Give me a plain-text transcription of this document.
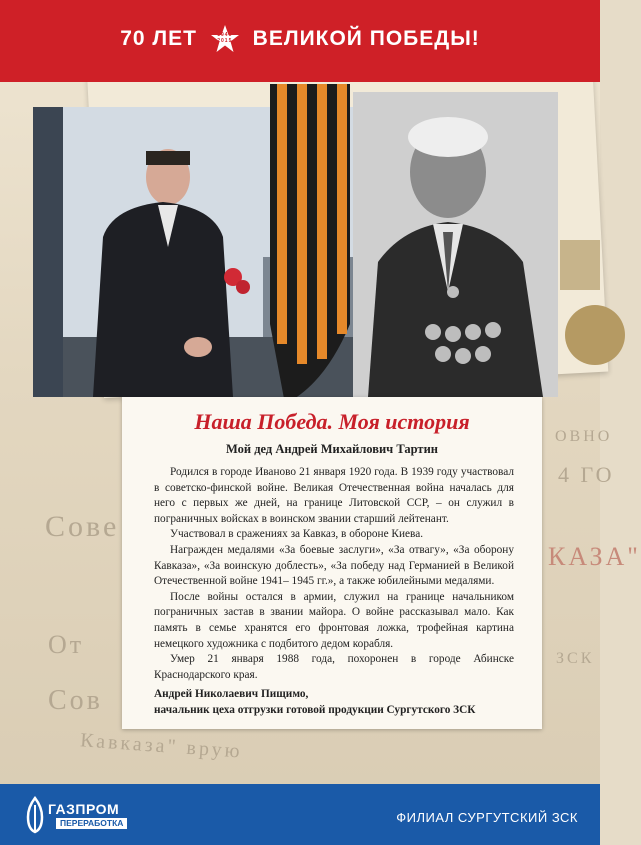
ОВНО
4 ГО
Сове
КАЗА"
ЗСК
От
Сов
Кавказа" врую
70 ЛЕТ	1945
2015 ВЕЛИКОЙ ПОБЕДЫ!
Наша Победа. Моя история
Мой дед Андрей Михайлович Тартин

Родился в городе Иваново 21 января 1920 года. В 1939 году участвовал в советско-финской войне. Великая Отечественная война началась для него с первых же дней, на границе Литовской ССР, – он служил в пограничных войсках в воинском звании старший лейтенант.

Участвовал в сражениях за Кавказ, в обороне Киева.

Награжден медалями «За боевые заслуги», «За отвагу», «За оборону Кавказа», «За воинскую доблесть», «За победу над Германией в Великой Отечественной войне 1941– 1945 гг.», а также юбилейными медалями.

После войны остался в армии, служил на границе начальником пограничных застав в звании майора. О войне рассказывал мало. Как память в семье хранятся его фронтовая ложка, трофейная картина немецкого художника с подбитого дедом корабля.

Умер 21 января 1988 года, похоронен в городе Абинске Краснодарского края.

Андрей Николаевич Пищимо,
начальник цеха отгрузки готовой продукции Сургутского ЗСК
ГАЗПРОМ
ПЕРЕРАБОТКА	ФИЛИАЛ СУРГУТСКИЙ ЗСК
